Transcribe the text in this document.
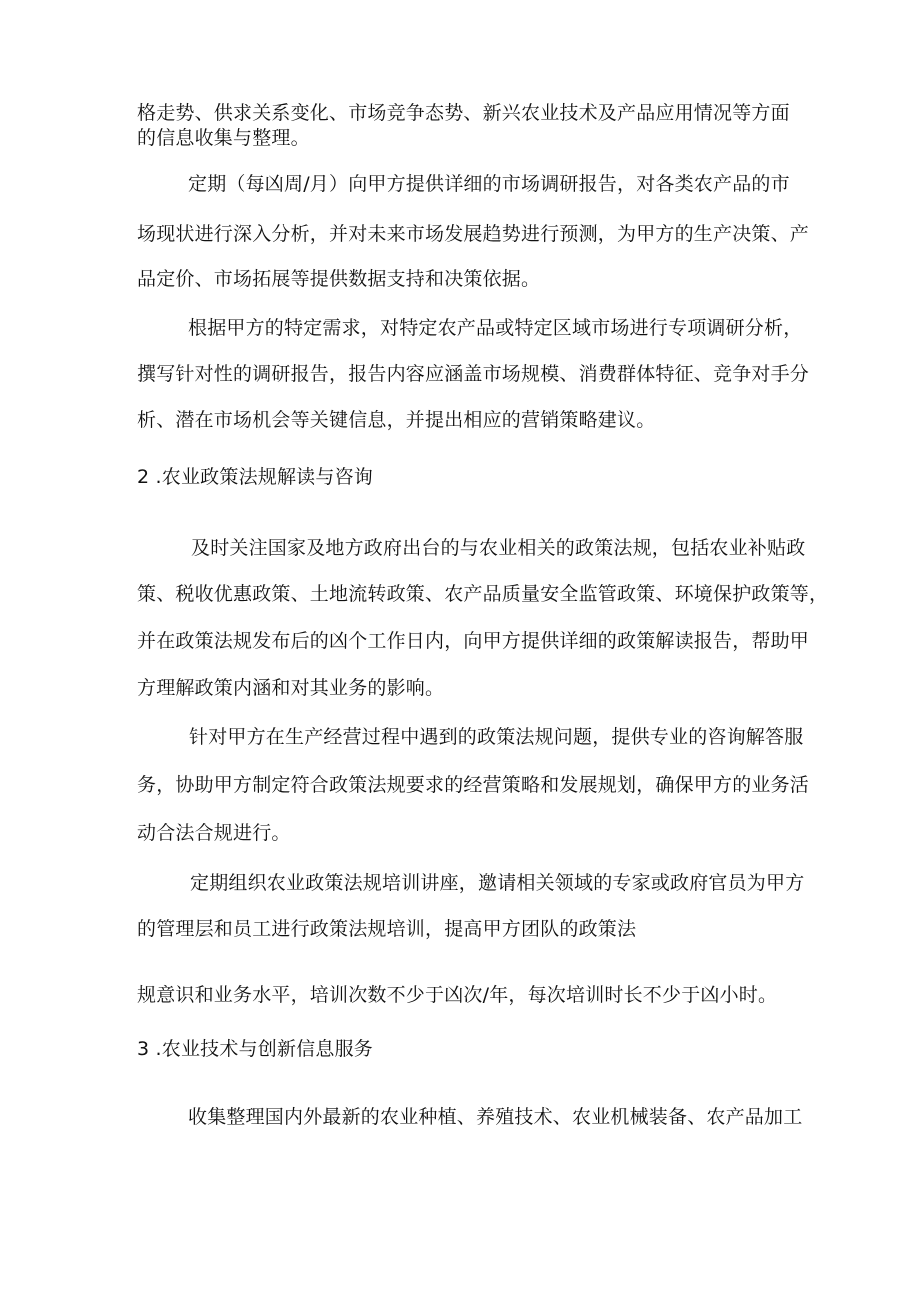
格走势、供求关系变化、市场竞争态势、新兴农业技术及产品应用情况等方面
的信息收集与整理。
定期（每凶周/月）向甲方提供详细的市场调研报告，对各类农产品的市
场现状进行深入分析，并对未来市场发展趋势进行预测，为甲方的生产决策、产
品定价、市场拓展等提供数据支持和决策依据。
根据甲方的特定需求，对特定农产品或特定区域市场进行专项调研分析，
撰写针对性的调研报告，报告内容应涵盖市场规模、消费群体特征、竞争对手分
析、潜在市场机会等关键信息，并提出相应的营销策略建议。
2 .农业政策法规解读与咨询
及时关注国家及地方政府出台的与农业相关的政策法规，包括农业补贴政
策、税收优惠政策、土地流转政策、农产品质量安全监管政策、环境保护政策等，
并在政策法规发布后的凶个工作日内，向甲方提供详细的政策解读报告，帮助甲
方理解政策内涵和对其业务的影响。
针对甲方在生产经营过程中遇到的政策法规问题，提供专业的咨询解答服
务，协助甲方制定符合政策法规要求的经营策略和发展规划，确保甲方的业务活
动合法合规进行。
定期组织农业政策法规培训讲座，邀请相关领域的专家或政府官员为甲方
的管理层和员工进行政策法规培训，提高甲方团队的政策法
规意识和业务水平，培训次数不少于凶次/年，每次培训时长不少于凶小时。
3 .农业技术与创新信息服务
收集整理国内外最新的农业种植、养殖技术、农业机械装备、农产品加工
